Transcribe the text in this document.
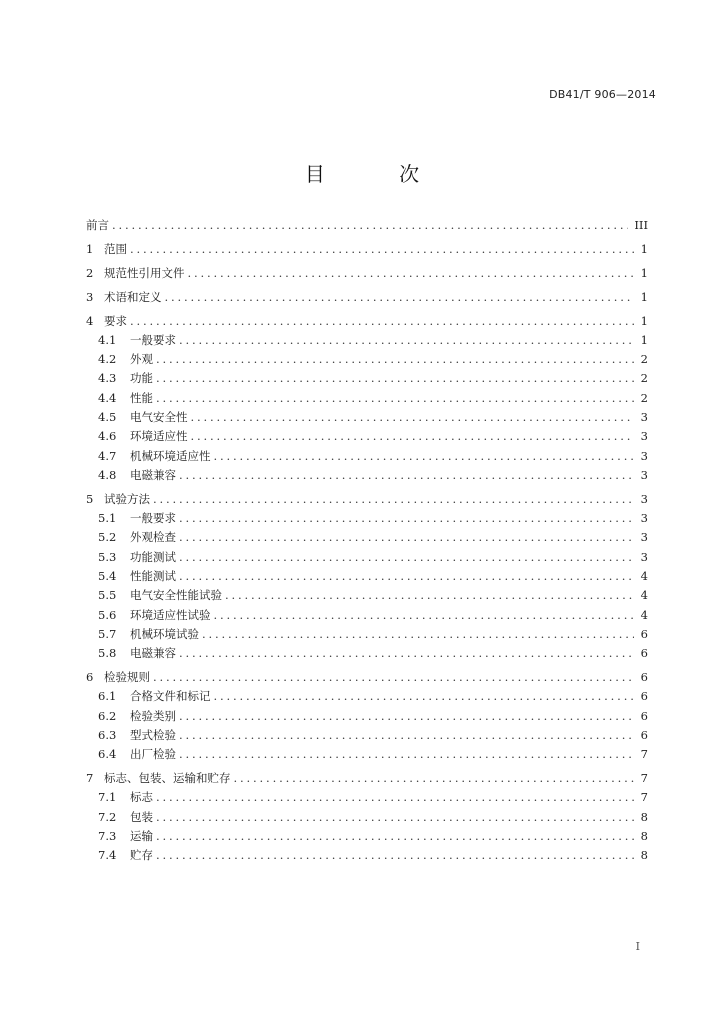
DB41/T 906—2014
目 次
前言 . . .	III
1 范围 . . .	1
2 规范性引用文件 . . .	1
3 术语和定义 . . .	1
4 要求 . . .	1
4.1	一般要求 . . .	1
4.2	外观 . . .	2
4.3	功能 . . .	2
4.4	性能 . . .	2
4.5	电气安全性 . . .	3
4.6	环境适应性 . . .	3
4.7	机械环境适应性 . . .	3
4.8	电磁兼容 . . .	3
5 试验方法 . . .	3
5.1	一般要求 . . .	3
5.2	外观检查 . . .	3
5.3	功能测试 . . .	3
5.4	性能测试 . . .	4
5.5	电气安全性能试验 . . .	4
5.6	环境适应性试验 . . .	4
5.7	机械环境试验 . . .	6
5.8	电磁兼容 . . .	6
6 检验规则 . . .	6
6.1	合格文件和标记 . . .	6
6.2	检验类别 . . .	6
6.3	型式检验 . . .	6
6.4	出厂检验 . . .	7
7 标志、包装、运输和贮存 . . .	7
7.1	标志 . . .	7
7.2	包装 . . .	8
7.3	运输 . . .	8
7.4	贮存 . . .	8
I
